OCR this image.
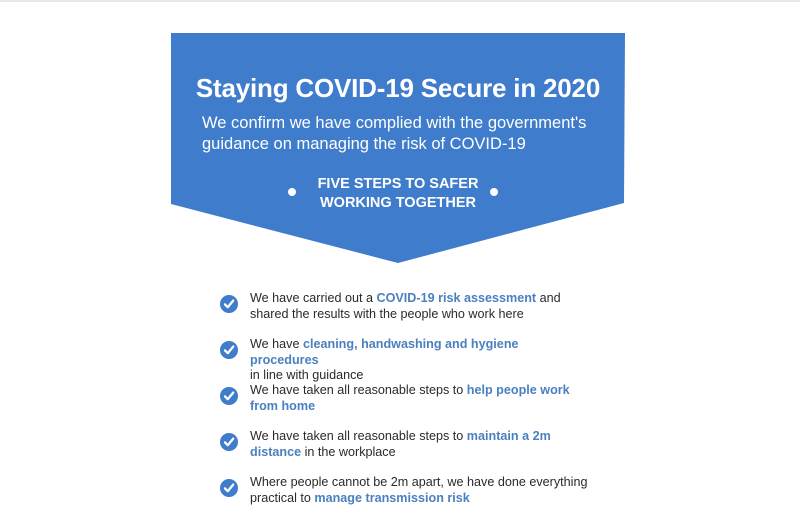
Staying COVID-19 Secure in 2020

We confirm we have complied with the government's
guidance on managing the risk of COVID-19

FIVE STEPS TO SAFER
WORKING TOGETHER
We have carried out a COVID-19 risk assessment and
shared the results with the people who work here
We have cleaning, handwashing and hygiene procedures
in line with guidance
We have taken all reasonable steps to help people work
from home
We have taken all reasonable steps to maintain a 2m
distance in the workplace
Where people cannot be 2m apart, we have done everything
practical to manage transmission risk
